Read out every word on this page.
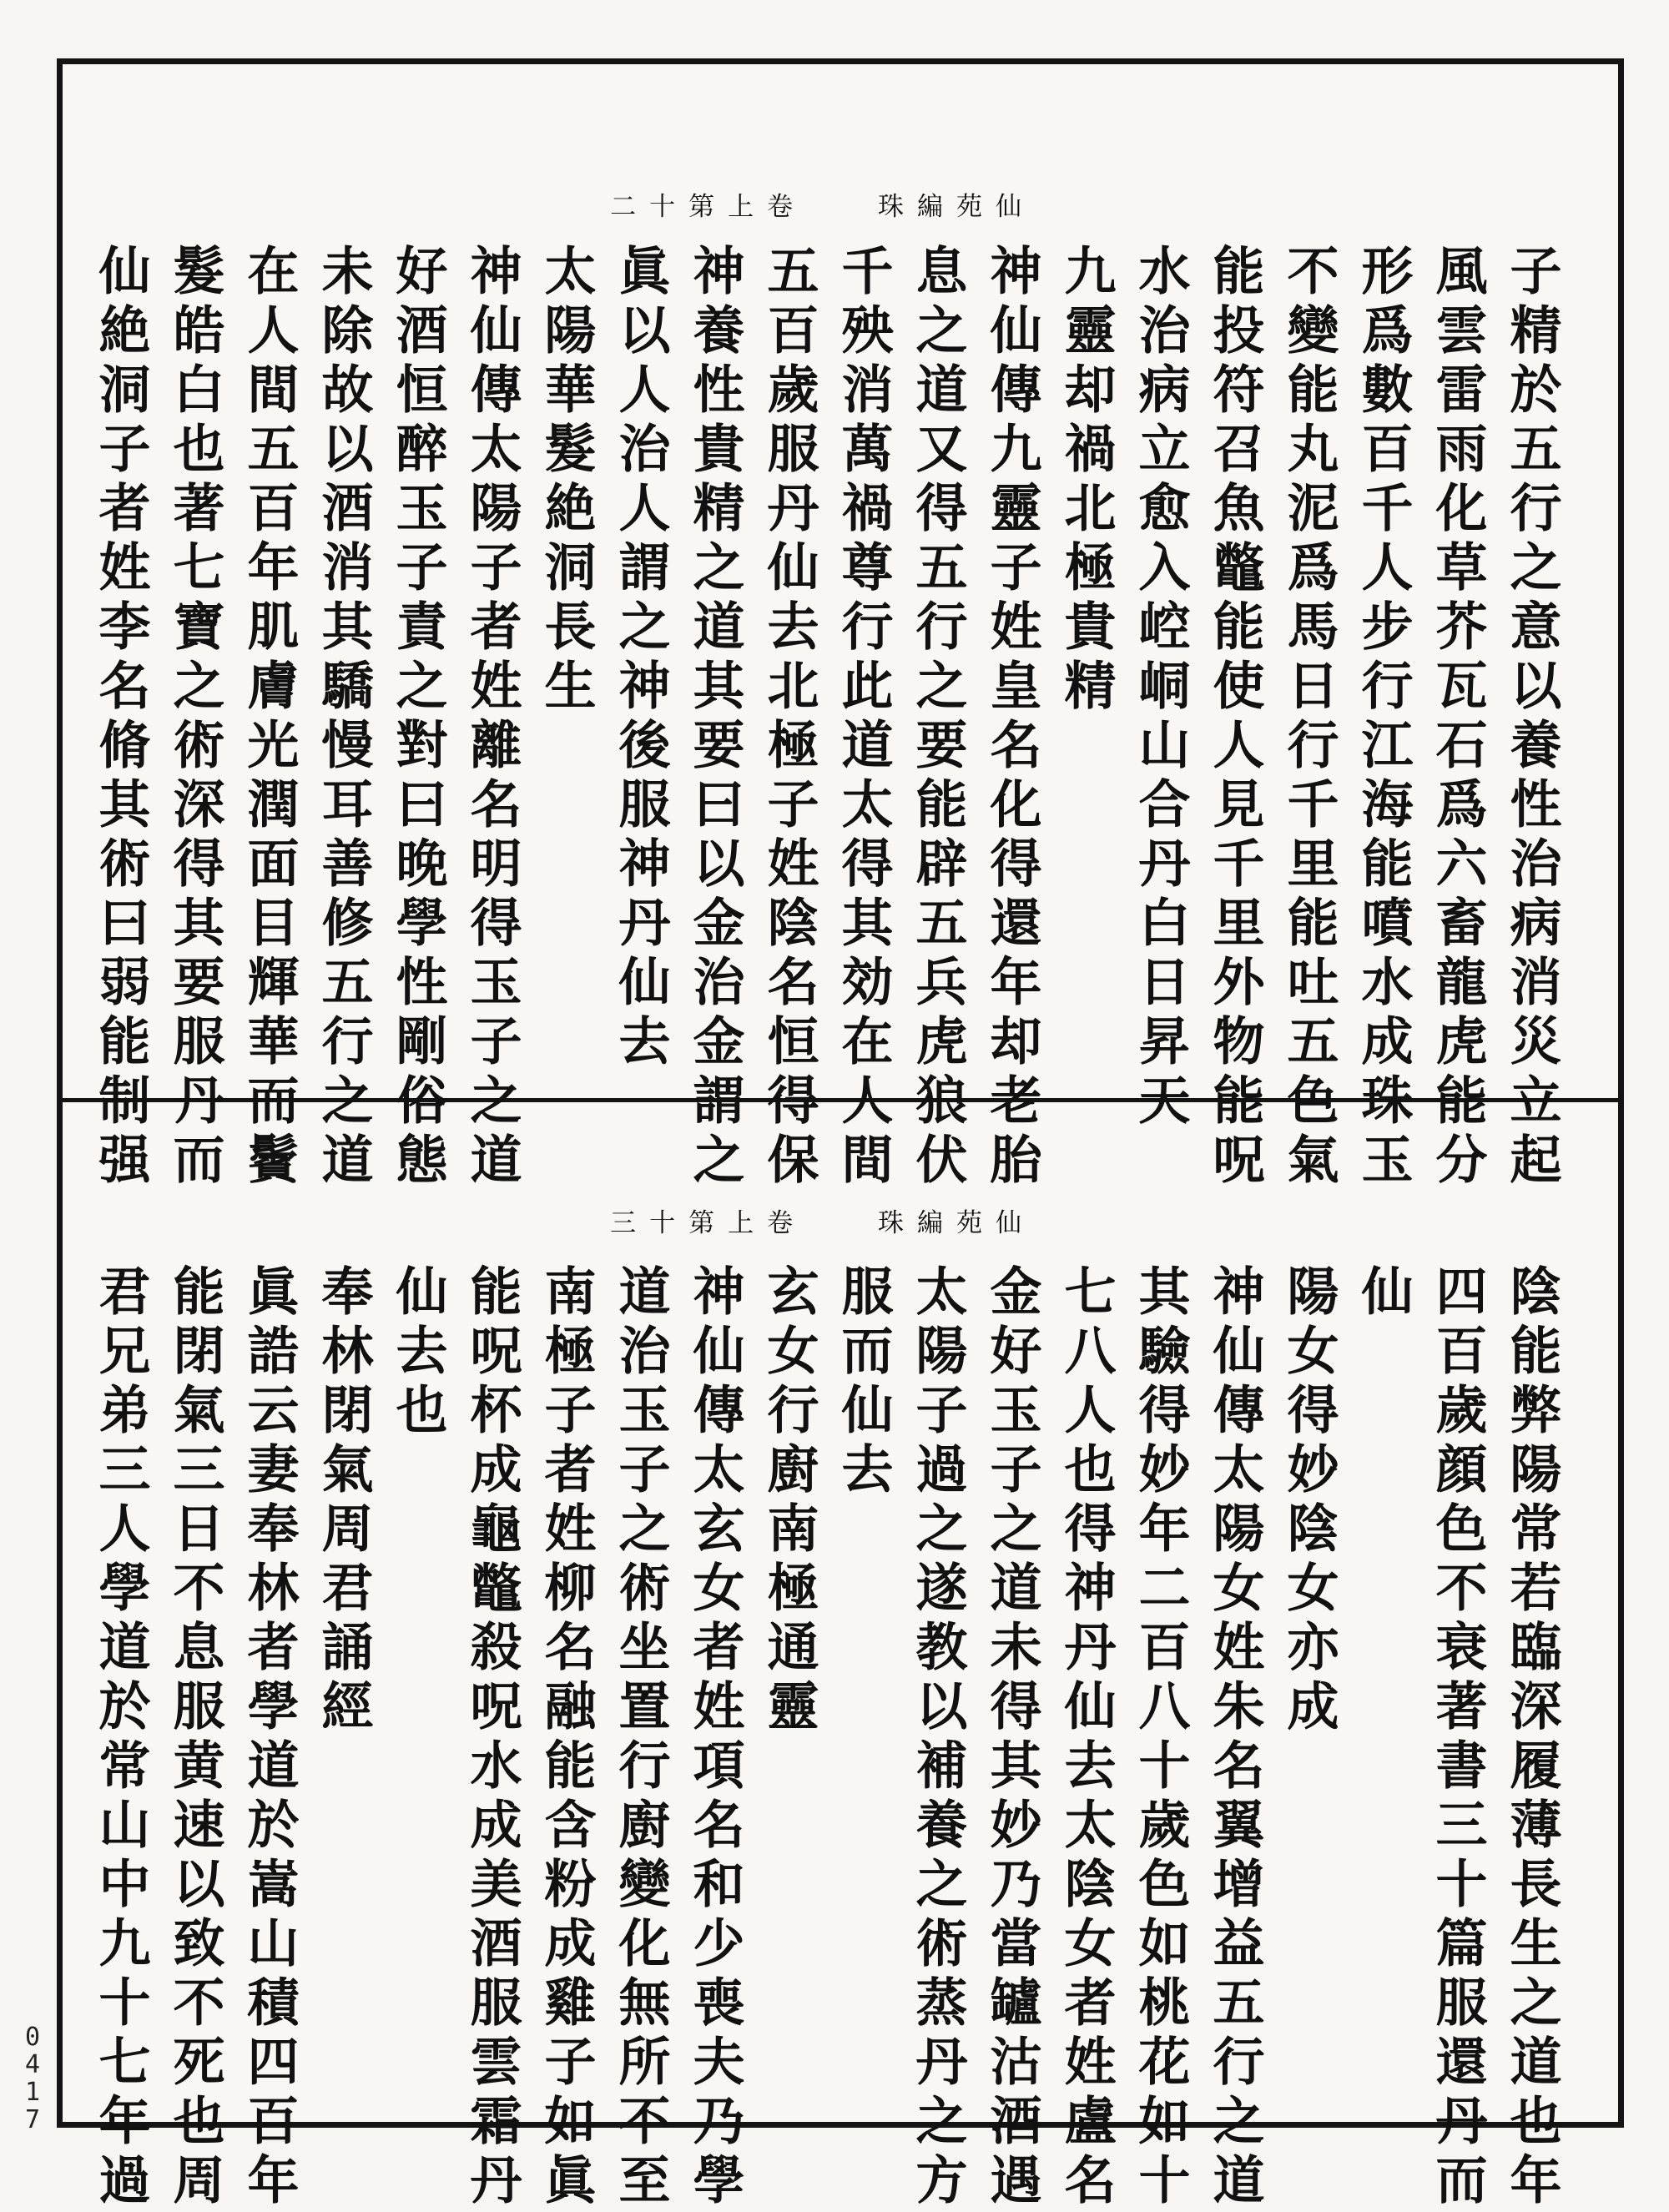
仙苑編珠 卷上第十二
子精於五行之意以養性治病消災立起
風雲雷雨化草芥瓦石爲六畜龍虎能分
形爲數百千人步行江海能噴水成珠玉
不變能丸泥爲馬日行千里能吐五色氣
能投符召魚鼈能使人見千里外物能呪
水治病立愈入崆峒山合丹白日昇天
九靈却禍北極貴精
神仙傳九靈子姓皇名化得還年却老胎
息之道又得五行之要能辟五兵虎狼伏
千殃消萬禍尊行此道太得其効在人間
五百歲服丹仙去北極子姓陰名恒得保
神養性貴精之道其要曰以金治金謂之
眞以人治人謂之神後服神丹仙去
太陽華髮絶洞長生
神仙傳太陽子者姓離名明得玉子之道
好酒恒醉玉子責之對曰晚學性剛俗態
未除故以酒消其驕慢耳善修五行之道
在人間五百年肌膚光潤面目輝華而鬢
髮皓白也著七寶之術深得其要服丹而
仙絶洞子者姓李名脩其術曰弱能制强
仙苑編珠 卷上第十三
陰能弊陽常若臨深履薄長生之道也年
四百歲顔色不衰著書三十篇服還丹而
仙
陽女得妙陰女亦成
神仙傳太陽女姓朱名翼增益五行之道
其驗得妙年二百八十歲色如桃花如十
七八人也得神丹仙去太陰女者姓盧名
金好玉子之道未得其妙乃當罏沽酒遇
太陽子過之遂教以補養之術蒸丹之方
服而仙去
玄女行廚南極通靈
神仙傳太玄女者姓項名和少喪夫乃學
道治玉子之術坐置行廚變化無所不至
南極子者姓柳名融能含粉成雞子如眞
能呪杯成龜鼈殺呪水成美酒服雲霜丹
仙去也
奉林閉氣周君誦經
眞誥云妻奉林者學道於嵩山積四百年
能閉氣三日不息服黄速以致不死也周
君兄弟三人學道於常山中九十七年過
0
4
1
7
